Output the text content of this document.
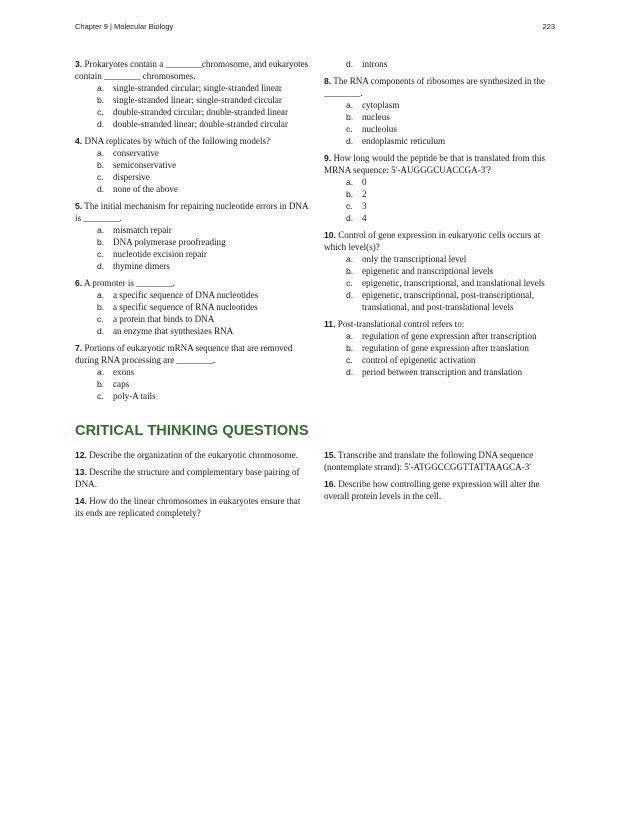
Chapter 9 | Molecular Biology	223

3. Prokaryotes contain a ________chromosome, and eukaryotes contain ________ chromosomes.

a. single-stranded circular; single-stranded linear
b. single-stranded linear; single-stranded circular
c. double-stranded circular; double-stranded linear
d. double-stranded linear; double-stranded circular

4. DNA replicates by which of the following models?

a. conservative
b. semiconservative
c. dispersive
d. none of the above

5. The initial mechanism for repairing nucleotide errors in DNA is ________.

a. mismatch repair
b. DNA polymerase proofreading
c. nucleotide excision repair
d. thymine dimers

6. A promoter is ________.

a. a specific sequence of DNA nucleotides
b. a specific sequence of RNA nucleotides
c. a protein that binds to DNA
d. an enzyme that synthesizes RNA

7. Portions of eukaryotic mRNA sequence that are removed during RNA processing are ________.

a. exons
b. caps
c. poly-A tails
d. introns

8. The RNA components of ribosomes are synthesized in the ________.

a. cytoplasm
b. nucleus
c. nucleolus
d. endoplasmic reticulum

9. How long would the peptide be that is translated from this MRNA sequence: 5'-AUGGGCUACCGA-3'?

a. 0
b. 2
c. 3
d. 4

10. Control of gene expression in eukaryotic cells occurs at which level(s)?

a. only the transcriptional level
b. epigenetic and transcriptional levels
c. epigenetic, transcriptional, and translational levels
d. epigenetic, transcriptional, post-transcriptional, translational, and post-translational levels

11. Post-translational control refers to:

a. regulation of gene expression after transcription
b. regulation of gene expression after translation
c. control of epigenetic activation
d. period between transcription and translation
CRITICAL THINKING QUESTIONS

12. Describe the organization of the eukaryotic chromosome.

13. Describe the structure and complementary base pairing of DNA.

14. How do the linear chromosomes in eukaryotes ensure that its ends are replicated completely?

15. Transcribe and translate the following DNA sequence (nontemplate strand): 5'-ATGGCCGGTTATTAAGCA-3'

16. Describe how controlling gene expression will alter the overall protein levels in the cell.
